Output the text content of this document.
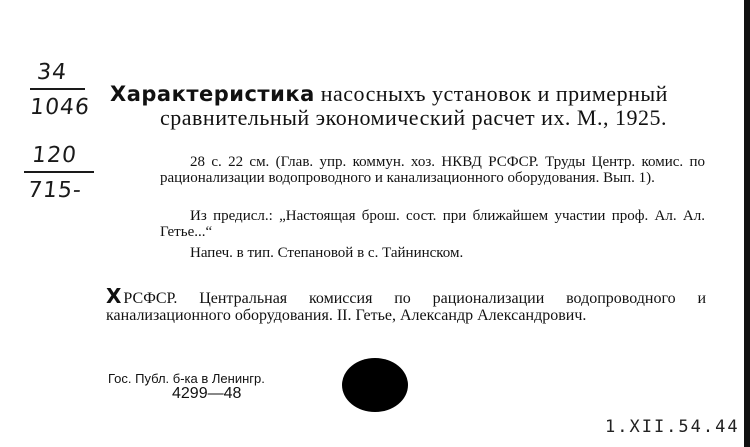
34
1046
120
715-
Характеристика насосныхъ установок и примерный
сравнительный экономический расчет их. М., 1925.
28 с. 22 см. (Глав. упр. коммун. хоз. НКВД РСФСР. Труды Центр. комис. по рационализации водопроводного и канализационного оборудования. Вып. 1).
Из предисл.: „Настоящая брош. сост. при ближайшем участии проф. Ал. Ал. Гетье...“
Напеч. в тип. Степановой в с. Тайнинском.
Х РСФСР. Центральная комиссия по рационализации водопроводного и канализационного оборудования. II. Гетье, Александр Александрович.
Гос. Публ. б-ка в Ленингр.
4299—48
1.XII.54.44
